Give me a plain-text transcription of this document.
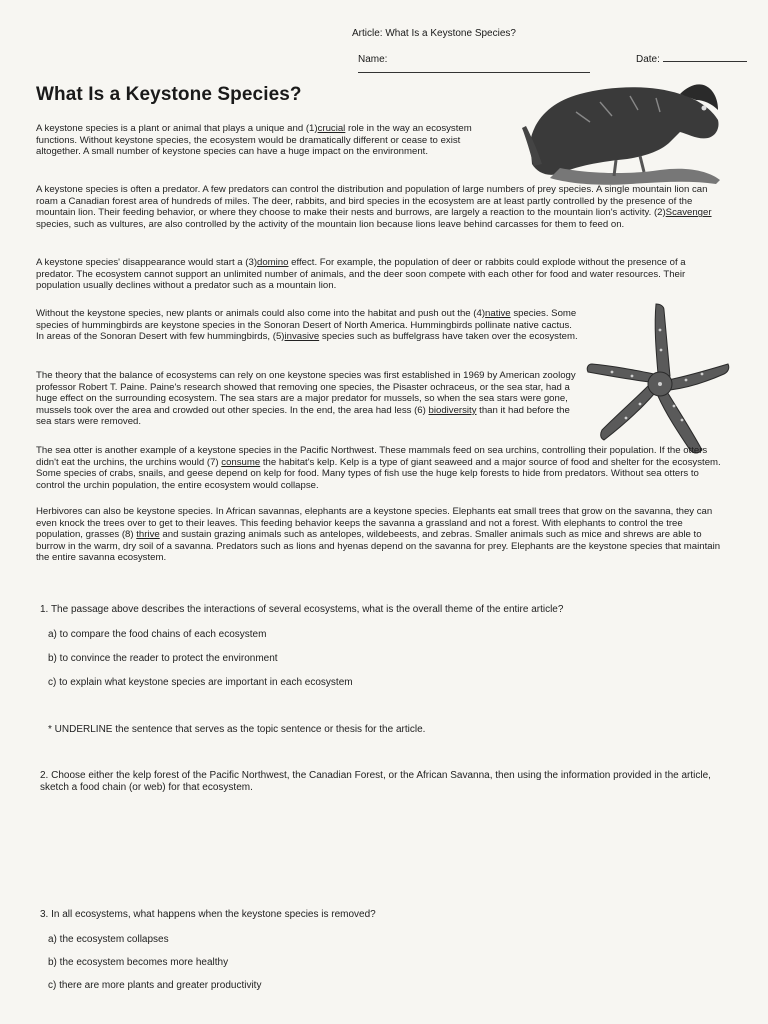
Article: What Is a Keystone Species?
Name:	Date:
What Is a Keystone Species?

A keystone species is a plant or animal that plays a unique and (1)crucial role in the way an ecosystem functions. Without keystone species, the ecosystem would be dramatically different or cease to exist altogether. A small number of keystone species can have a huge impact on the environment.

A keystone species is often a predator. A few predators can control the distribution and population of large numbers of prey species. A single mountain lion can roam a Canadian forest area of hundreds of miles. The deer, rabbits, and bird species in the ecosystem are at least partly controlled by the presence of the mountain lion. Their feeding behavior, or where they choose to make their nests and burrows, are largely a reaction to the mountain lion's activity. (2)Scavenger species, such as vultures, are also controlled by the activity of the mountain lion because lions leave behind carcasses for them to feed on.

A keystone species' disappearance would start a (3)domino effect. For example, the population of deer or rabbits could explode without the presence of a predator. The ecosystem cannot support an unlimited number of animals, and the deer soon compete with each other for food and water resources. Their population usually declines without a predator such as a mountain lion.

Without the keystone species, new plants or animals could also come into the habitat and push out the (4)native species. Some species of hummingbirds are keystone species in the Sonoran Desert of North America. Hummingbirds pollinate native cactus. In areas of the Sonoran Desert with few hummingbirds, (5)invasive species such as buffelgrass have taken over the ecosystem.

The theory that the balance of ecosystems can rely on one keystone species was first established in 1969 by American zoology professor Robert T. Paine. Paine's research showed that removing one species, the Pisaster ochraceus, or the sea star, had a huge effect on the surrounding ecosystem. The sea stars are a major predator for mussels, so when the sea stars were gone, mussels took over the area and crowded out other species. In the end, the area had less (6) biodiversity than it had before the sea stars were removed.

The sea otter is another example of a keystone species in the Pacific Northwest. These mammals feed on sea urchins, controlling their population. If the otters didn't eat the urchins, the urchins would (7) consume the habitat's kelp. Kelp is a type of giant seaweed and a major source of food and shelter for the ecosystem. Some species of crabs, snails, and geese depend on kelp for food. Many types of fish use the huge kelp forests to hide from predators. Without sea otters to control the urchin population, the entire ecosystem would collapse.

Herbivores can also be keystone species. In African savannas, elephants are a keystone species. Elephants eat small trees that grow on the savanna, they can even knock the trees over to get to their leaves. This feeding behavior keeps the savanna a grassland and not a forest. With elephants to control the tree population, grasses (8) thrive and sustain grazing animals such as antelopes, wildebeests, and zebras. Smaller animals such as mice and shrews are able to burrow in the warm, dry soil of a savanna. Predators such as lions and hyenas depend on the savanna for prey. Elephants are the keystone species that maintain the entire savanna ecosystem.

1. The passage above describes the interactions of several ecosystems, what is the overall theme of the entire article?

a) to compare the food chains of each ecosystem

b) to convince the reader to protect the environment

c) to explain what keystone species are important in each ecosystem

* UNDERLINE the sentence that serves as the topic sentence or thesis for the article.

2. Choose either the kelp forest of the Pacific Northwest, the Canadian Forest, or the African Savanna, then using the information provided in the article, sketch a food chain (or web) for that ecosystem.

3. In all ecosystems, what happens when the keystone species is removed?

a) the ecosystem collapses

b) the ecosystem becomes more healthy

c) there are more plants and greater productivity
